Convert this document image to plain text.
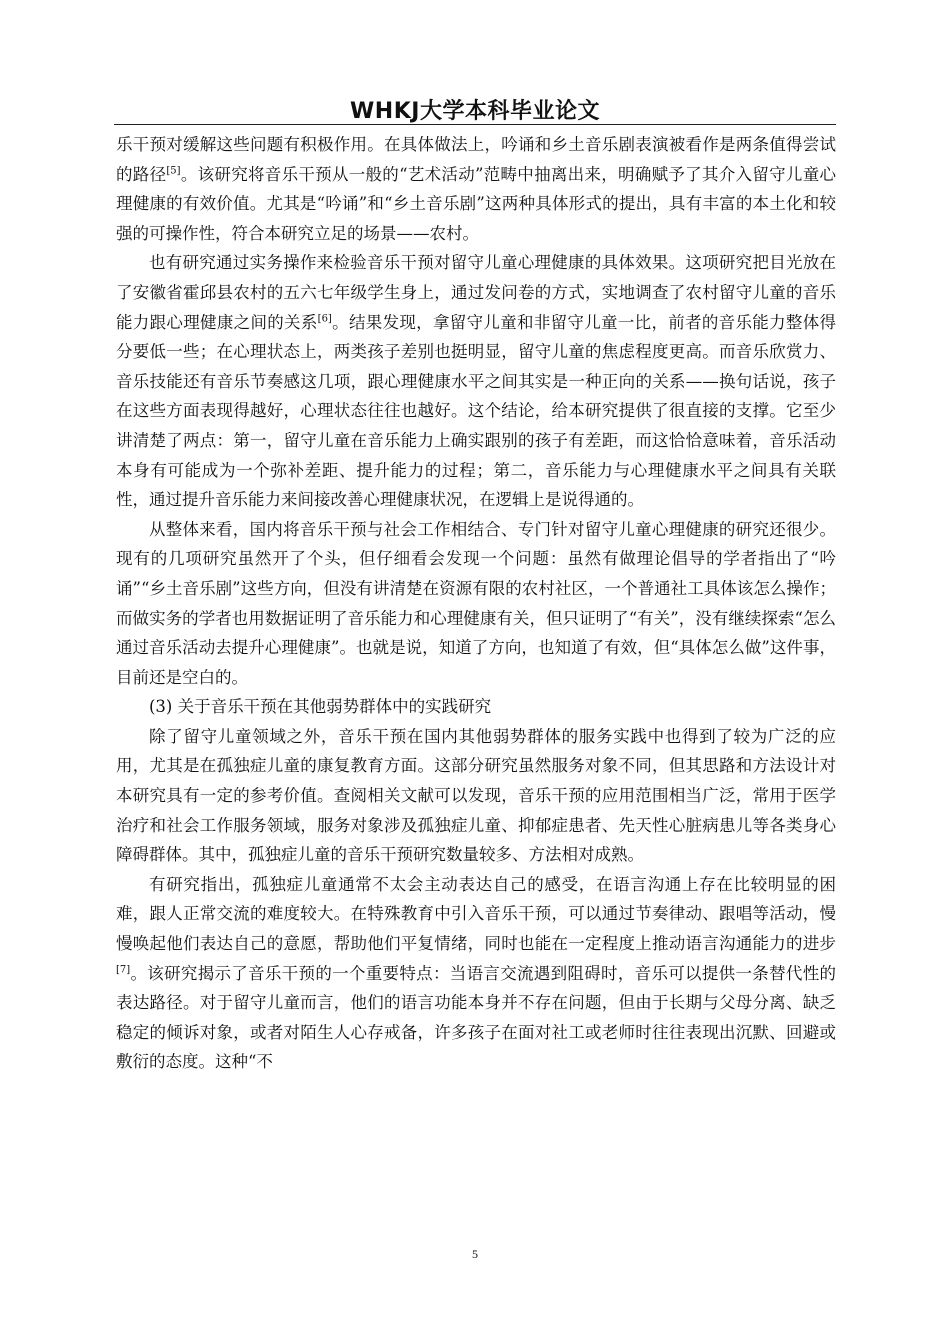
WHKJ大学本科毕业论文

乐干预对缓解这些问题有积极作用。在具体做法上，吟诵和乡土音乐剧表演被看作是两条值得尝试的路径[5]。该研究将音乐干预从一般的“艺术活动”范畴中抽离出来，明确赋予了其介入留守儿童心理健康的有效价值。尤其是“吟诵”和“乡土音乐剧”这两种具体形式的提出，具有丰富的本土化和较强的可操作性，符合本研究立足的场景——农村。

也有研究通过实务操作来检验音乐干预对留守儿童心理健康的具体效果。这项研究把目光放在了安徽省霍邱县农村的五六七年级学生身上，通过发问卷的方式，实地调查了农村留守儿童的音乐能力跟心理健康之间的关系[6]。结果发现，拿留守儿童和非留守儿童一比，前者的音乐能力整体得分要低一些；在心理状态上，两类孩子差别也挺明显，留守儿童的焦虑程度更高。而音乐欣赏力、音乐技能还有音乐节奏感这几项，跟心理健康水平之间其实是一种正向的关系——换句话说，孩子在这些方面表现得越好，心理状态往往也越好。这个结论，给本研究提供了很直接的支撑。它至少讲清楚了两点：第一，留守儿童在音乐能力上确实跟别的孩子有差距，而这恰恰意味着，音乐活动本身有可能成为一个弥补差距、提升能力的过程；第二，音乐能力与心理健康水平之间具有关联性，通过提升音乐能力来间接改善心理健康状况，在逻辑上是说得通的。

从整体来看，国内将音乐干预与社会工作相结合、专门针对留守儿童心理健康的研究还很少。现有的几项研究虽然开了个头，但仔细看会发现一个问题：虽然有做理论倡导的学者指出了“吟诵”“乡土音乐剧”这些方向，但没有讲清楚在资源有限的农村社区，一个普通社工具体该怎么操作；而做实务的学者也用数据证明了音乐能力和心理健康有关，但只证明了“有关”，没有继续探索“怎么通过音乐活动去提升心理健康”。也就是说，知道了方向，也知道了有效，但“具体怎么做”这件事，目前还是空白的。

(3) 关于音乐干预在其他弱势群体中的实践研究

除了留守儿童领域之外，音乐干预在国内其他弱势群体的服务实践中也得到了较为广泛的应用，尤其是在孤独症儿童的康复教育方面。这部分研究虽然服务对象不同，但其思路和方法设计对本研究具有一定的参考价值。查阅相关文献可以发现，音乐干预的应用范围相当广泛，常用于医学治疗和社会工作服务领域，服务对象涉及孤独症儿童、抑郁症患者、先天性心脏病患儿等各类身心障碍群体。其中，孤独症儿童的音乐干预研究数量较多、方法相对成熟。

有研究指出，孤独症儿童通常不太会主动表达自己的感受，在语言沟通上存在比较明显的困难，跟人正常交流的难度较大。在特殊教育中引入音乐干预，可以通过节奏律动、跟唱等活动，慢慢唤起他们表达自己的意愿，帮助他们平复情绪，同时也能在一定程度上推动语言沟通能力的进步[7]。该研究揭示了音乐干预的一个重要特点：当语言交流遇到阻碍时，音乐可以提供一条替代性的表达路径。对于留守儿童而言，他们的语言功能本身并不存在问题，但由于长期与父母分离、缺乏稳定的倾诉对象，或者对陌生人心存戒备，许多孩子在面对社工或老师时往往表现出沉默、回避或敷衍的态度。这种“不

5
